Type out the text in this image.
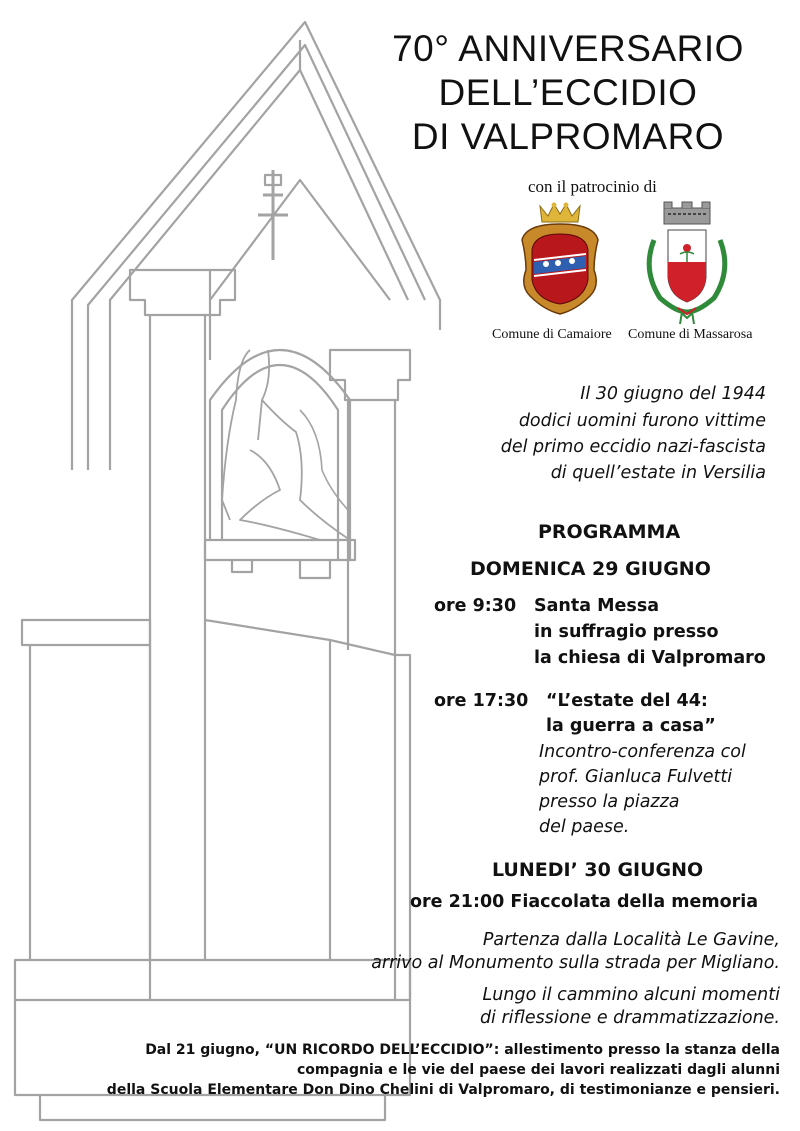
70° ANNIVERSARIO
DELL’ECCIDIO
DI VALPROMARO
con il patrocinio di
Comune di Camaiore Comune di Massarosa
Il 30 giugno del 1944
dodici uomini furono vittime
del primo eccidio nazi-fascista
di quell’estate in Versilia
PROGRAMMA
DOMENICA 29 GIUGNO
ore 9:30 Santa Messa
in suffragio presso
la chiesa di Valpromaro
ore 17:30 “L’estate del 44:
la guerra a casa”
Incontro-conferenza col
prof. Gianluca Fulvetti
presso la piazza
del paese.
LUNEDI’ 30 GIUGNO
ore 21:00 Fiaccolata della memoria
Partenza dalla Località Le Gavine,
arrivo al Monumento sulla strada per Migliano.
Lungo il cammino alcuni momenti
di riflessione e drammatizzazione.
Dal 21 giugno, “UN RICORDO DELL’ECCIDIO”: allestimento presso la stanza della
compagnia e le vie del paese dei lavori realizzati dagli alunni
della Scuola Elementare Don Dino Chelini di Valpromaro, di testimonianze e pensieri.
